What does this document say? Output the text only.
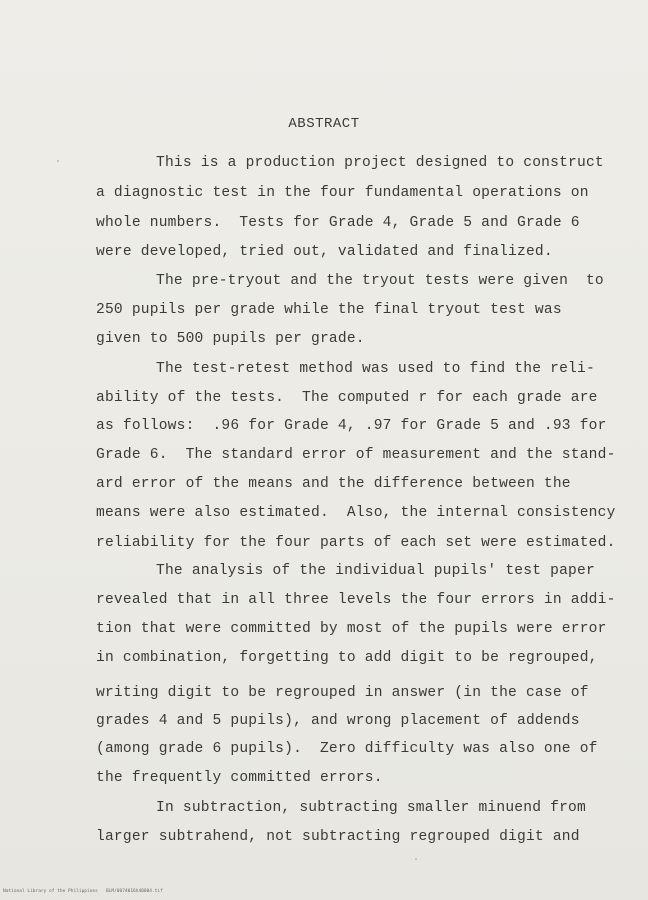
ABSTRACT
This is a production project designed to construct
a diagnostic test in the four fundamental operations on
whole numbers.  Tests for Grade 4, Grade 5 and Grade 6
were developed, tried out, validated and finalized.
The pre-tryout and the tryout tests were given  to
250 pupils per grade while the final tryout test was
given to 500 pupils per grade.
The test-retest method was used to find the reli-
ability of the tests.  The computed r for each grade are
as follows:  .96 for Grade 4, .97 for Grade 5 and .93 for
Grade 6.  The standard error of measurement and the stand-
ard error of the means and the difference between the
means were also estimated.  Also, the internal consistency
reliability for the four parts of each set were estimated.
The analysis of the individual pupils' test paper
revealed that in all three levels the four errors in addi-
tion that were committed by most of the pupils were error
in combination, forgetting to add digit to be regrouped,
writing digit to be regrouped in answer (in the case of
grades 4 and 5 pupils), and wrong placement of addends
(among grade 6 pupils).  Zero difficulty was also one of
the frequently committed errors.
In subtraction, subtracting smaller minuend from
larger subtrahend, not subtracting regrouped digit and
National Library of the Philippines   BLM/0074016h40004.tif
